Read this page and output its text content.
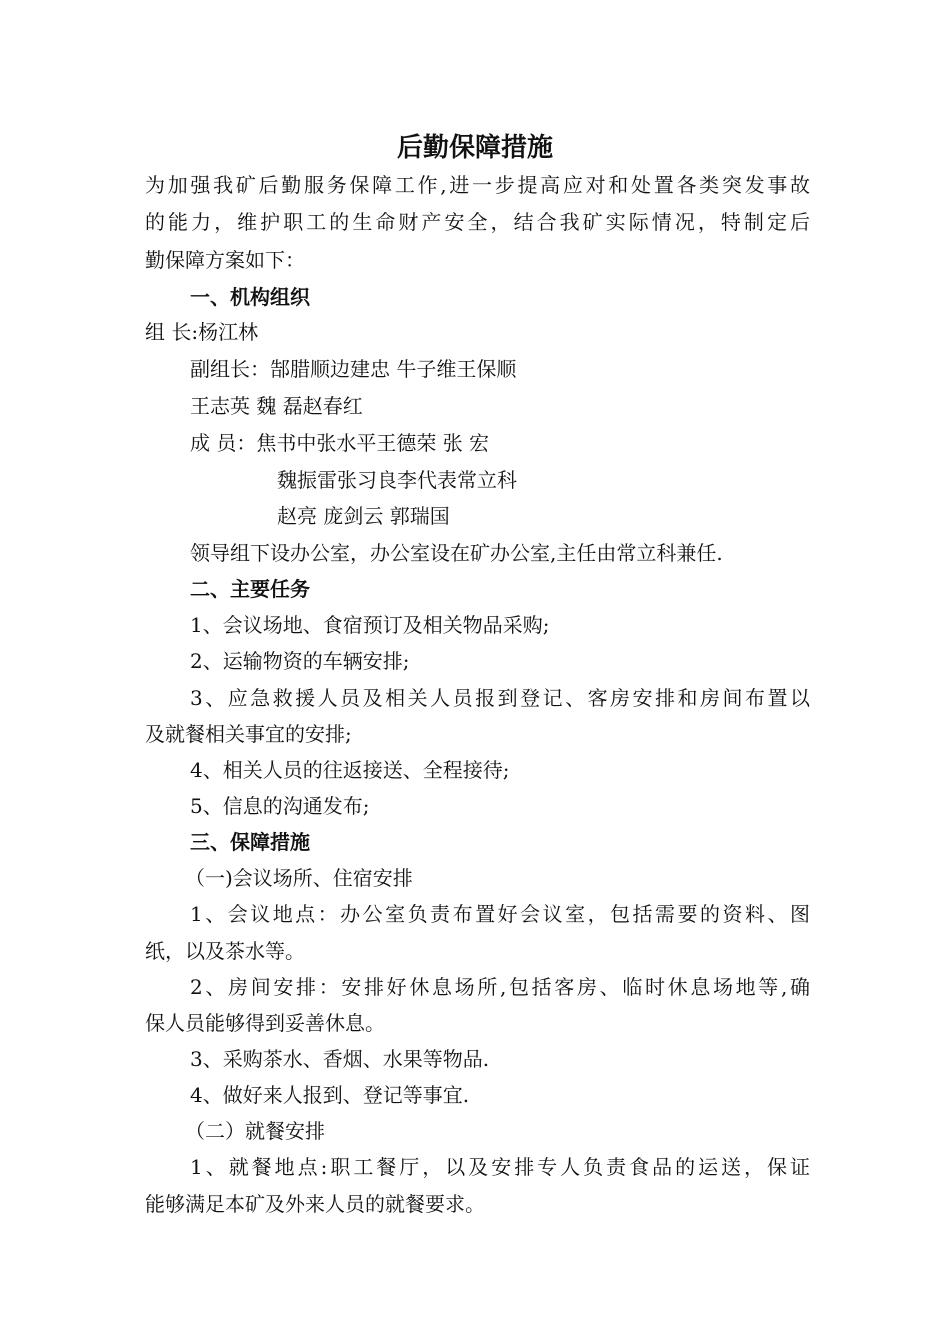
后勤保障措施
为加强我矿后勤服务保障工作,进一步提高应对和处置各类突发事故
的能力，维护职工的生命财产安全，结合我矿实际情况，特制定后
勤保障方案如下：
一、机构组织
组 长:杨江林
副组长：郜腊顺边建忠 牛子维王保顺
王志英 魏 磊赵春红
成 员：焦书中张水平王德荣 张 宏
魏振雷张习良李代表常立科
赵亮 庞剑云 郭瑞国
领导组下设办公室，办公室设在矿办公室,主任由常立科兼任.
二、主要任务
1、会议场地、食宿预订及相关物品采购;
2、运输物资的车辆安排;
3、应急救援人员及相关人员报到登记、客房安排和房间布置以
及就餐相关事宜的安排;
4、相关人员的往返接送、全程接待;
5、信息的沟通发布;
三、保障措施
（一)会议场所、住宿安排
1、会议地点：办公室负责布置好会议室，包括需要的资料、图
纸，以及茶水等。
2、房间安排：安排好休息场所,包括客房、临时休息场地等,确
保人员能够得到妥善休息。
3、采购茶水、香烟、水果等物品.
4、做好来人报到、登记等事宜.
（二）就餐安排
1、就餐地点:职工餐厅，以及安排专人负责食品的运送，保证
能够满足本矿及外来人员的就餐要求。
